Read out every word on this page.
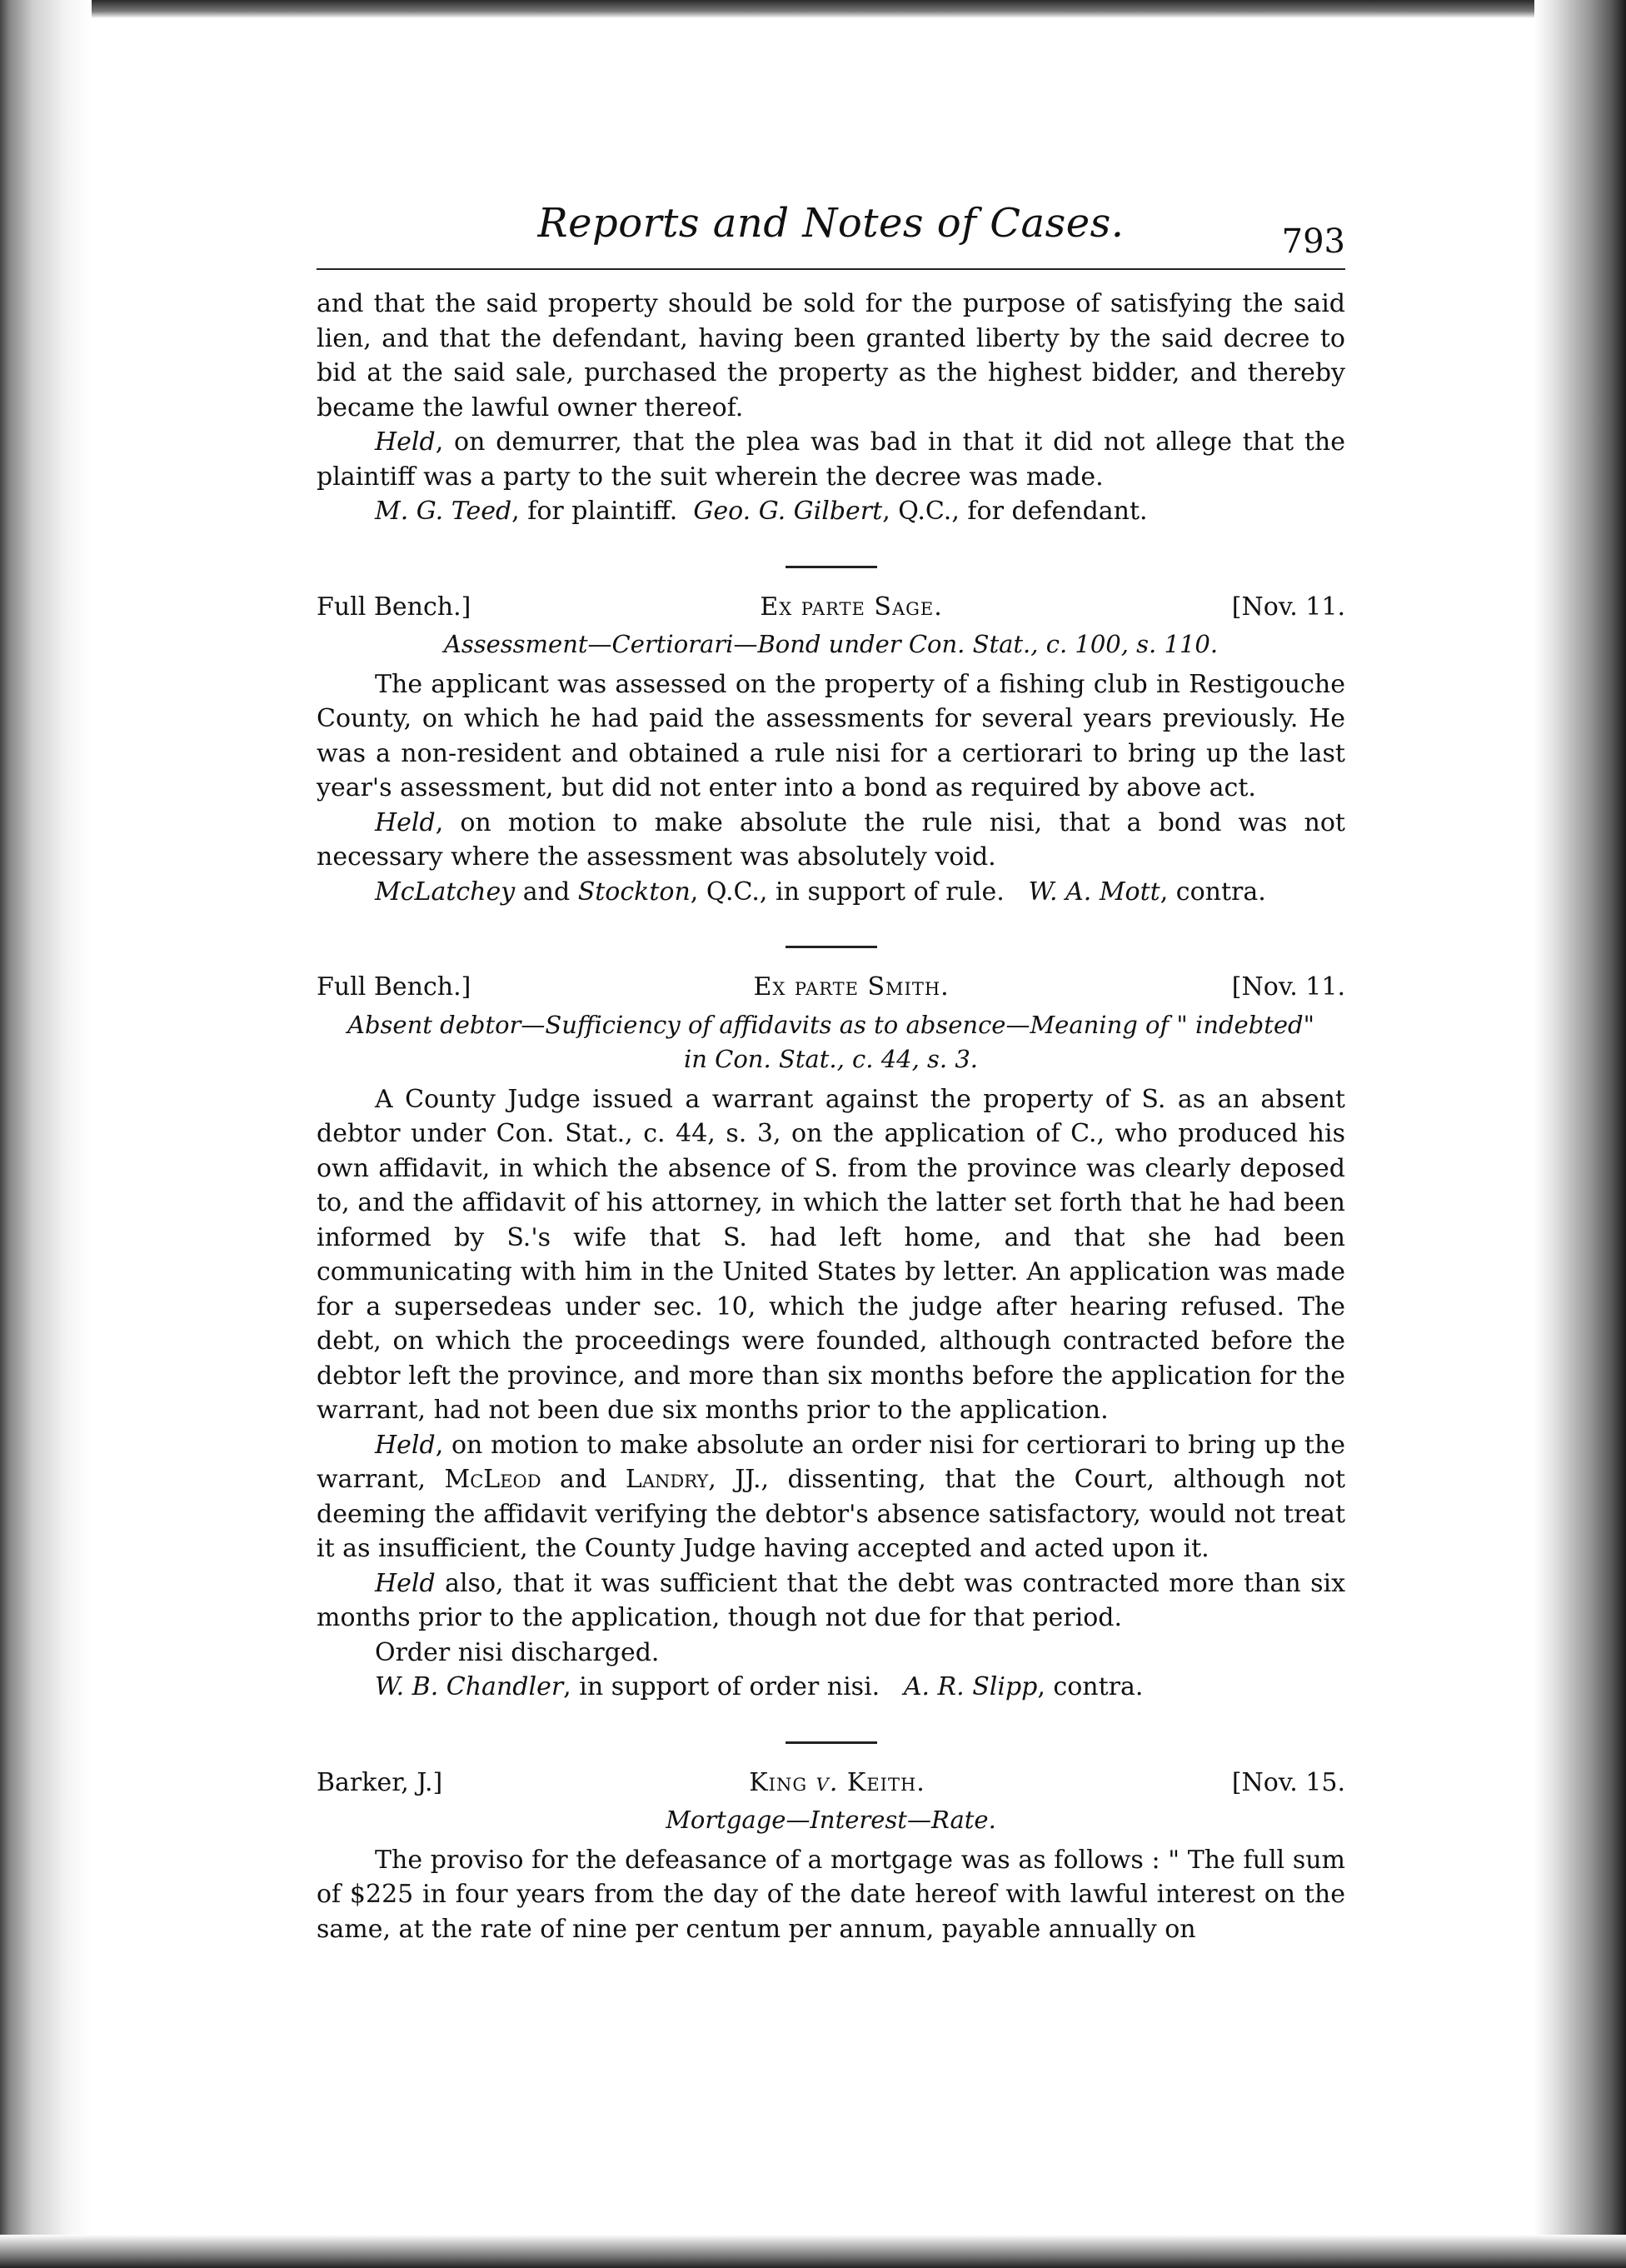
Reports and Notes of Cases.	793

and that the said property should be sold for the purpose of satisfying the said lien, and that the defendant, having been granted liberty by the said decree to bid at the said sale, purchased the property as the highest bidder, and thereby became the lawful owner thereof.

Held, on demurrer, that the plea was bad in that it did not allege that the plaintiff was a party to the suit wherein the decree was made.

M. G. Teed, for plaintiff. Geo. G. Gilbert, Q.C., for defendant.

Full Bench.]	Ex parte Sage.	[Nov. 11.
Assessment—Certiorari—Bond under Con. Stat., c. 100, s. 110.

The applicant was assessed on the property of a fishing club in Restigouche County, on which he had paid the assessments for several years previously. He was a non-resident and obtained a rule nisi for a certiorari to bring up the last year's assessment, but did not enter into a bond as required by above act.

Held, on motion to make absolute the rule nisi, that a bond was not necessary where the assessment was absolutely void.

McLatchey and Stockton, Q.C., in support of rule. W. A. Mott, contra.

Full Bench.]	Ex parte Smith.	[Nov. 11.
Absent debtor—Sufficiency of affidavits as to absence—Meaning of " indebted"
in Con. Stat., c. 44, s. 3.

A County Judge issued a warrant against the property of S. as an absent debtor under Con. Stat., c. 44, s. 3, on the application of C., who produced his own affidavit, in which the absence of S. from the province was clearly deposed to, and the affidavit of his attorney, in which the latter set forth that he had been informed by S.'s wife that S. had left home, and that she had been communicating with him in the United States by letter. An application was made for a supersedeas under sec. 10, which the judge after hearing refused. The debt, on which the proceedings were founded, although contracted before the debtor left the province, and more than six months before the application for the warrant, had not been due six months prior to the application.

Held, on motion to make absolute an order nisi for certiorari to bring up the warrant, McLeod and Landry, JJ., dissenting, that the Court, although not deeming the affidavit verifying the debtor's absence satisfactory, would not treat it as insufficient, the County Judge having accepted and acted upon it.

Held also, that it was sufficient that the debt was contracted more than six months prior to the application, though not due for that period.

Order nisi discharged.

W. B. Chandler, in support of order nisi. A. R. Slipp, contra.

Barker, J.]	King v. Keith.	[Nov. 15.
Mortgage—Interest—Rate.

The proviso for the defeasance of a mortgage was as follows : " The full sum of $225 in four years from the day of the date hereof with lawful interest on the same, at the rate of nine per centum per annum, payable annually on
